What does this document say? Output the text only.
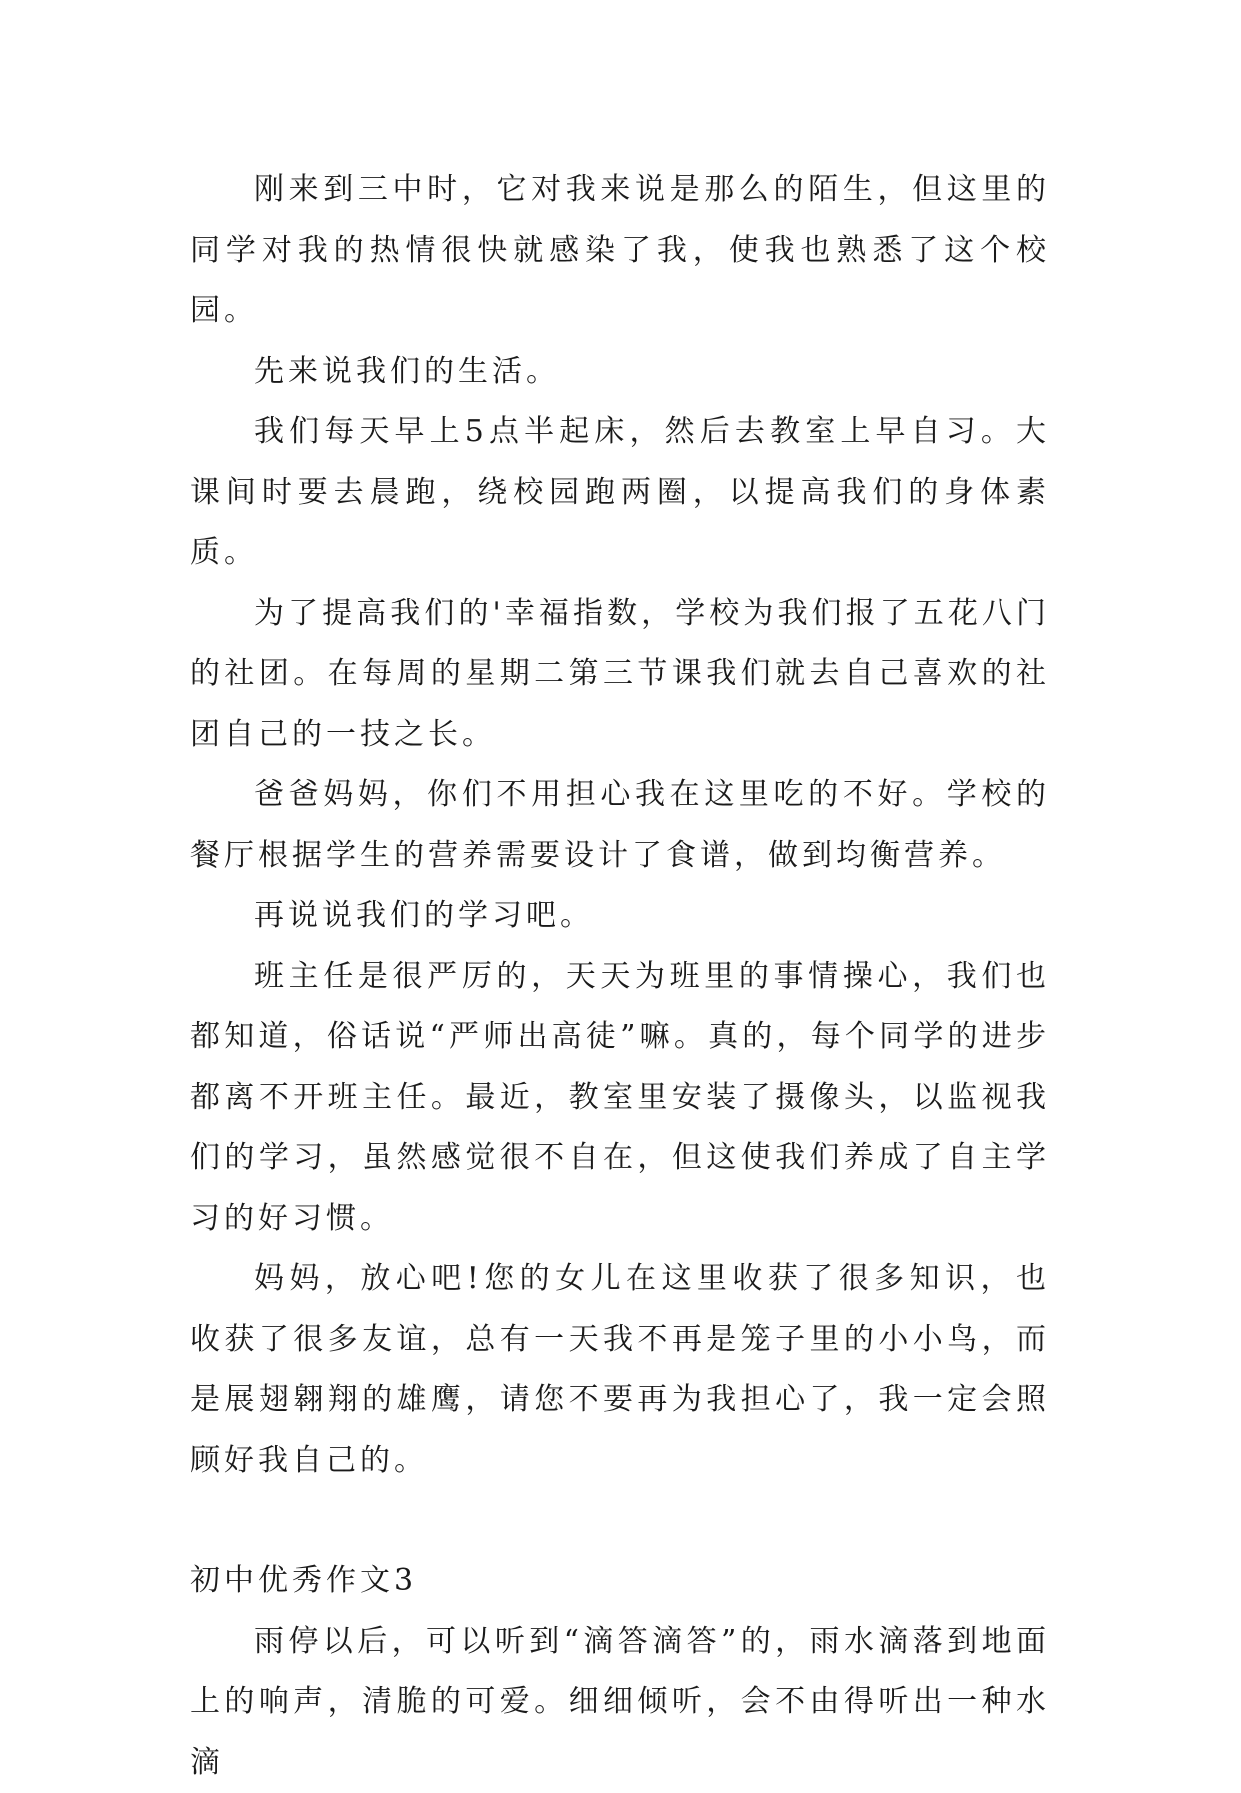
刚来到三中时，它对我来说是那么的陌生，但这里的同学对我的热情很快就感染了我，使我也熟悉了这个校园。

先来说我们的生活。

我们每天早上5点半起床，然后去教室上早自习。大课间时要去晨跑，绕校园跑两圈，以提高我们的身体素质。

为了提高我们的'幸福指数，学校为我们报了五花八门的社团。在每周的星期二第三节课我们就去自己喜欢的社团自己的一技之长。

爸爸妈妈，你们不用担心我在这里吃的不好。学校的餐厅根据学生的营养需要设计了食谱，做到均衡营养。

再说说我们的学习吧。

班主任是很严厉的，天天为班里的事情操心，我们也都知道，俗话说“严师出高徒”嘛。真的，每个同学的进步都离不开班主任。最近，教室里安装了摄像头，以监视我们的学习，虽然感觉很不自在，但这使我们养成了自主学习的好习惯。

妈妈，放心吧!您的女儿在这里收获了很多知识，也收获了很多友谊，总有一天我不再是笼子里的小小鸟，而是展翅翱翔的雄鹰，请您不要再为我担心了，我一定会照顾好我自己的。

初中优秀作文3

雨停以后，可以听到“滴答滴答”的，雨水滴落到地面上的响声，清脆的可爱。细细倾听，会不由得听出一种水滴
